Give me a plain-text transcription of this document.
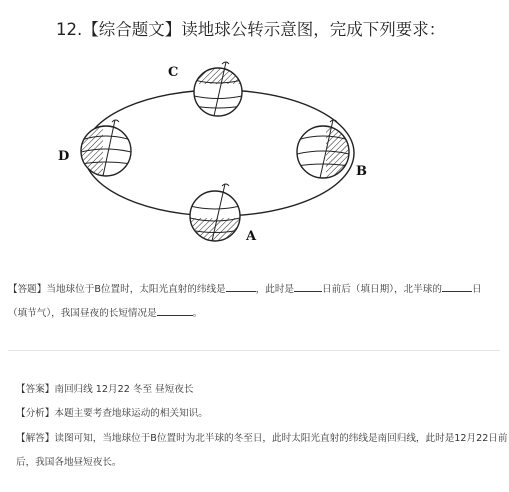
12.【综合题文】读地球公转示意图，完成下列要求：
C
D
B
A
【答题】当地球位于B位置时，太阳光直射的纬线是	，此时是	日前后（填日期），北半球的	日
（填节气），我国昼夜的长短情况是	。
【答案】南回归线 12月22 冬至 昼短夜长
【分析】本题主要考查地球运动的相关知识。
【解答】读图可知，当地球位于B位置时为北半球的冬至日，此时太阳光直射的纬线是南回归线，此时是12月22日前
后，我国各地昼短夜长。
